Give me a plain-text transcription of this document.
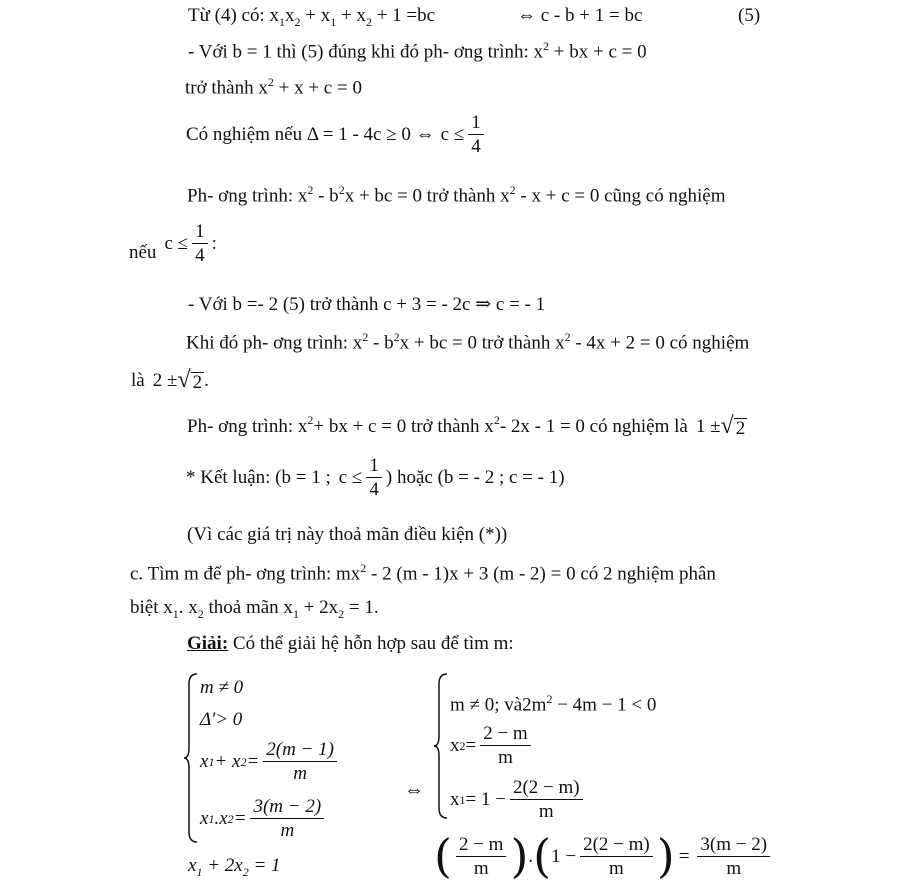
Từ (4) có: $x_1x_2 + x_1 + x_2 + 1 =bc$	⇔ c - b + 1 = bc	(5)
- Với b = 1 thì (5) đúng khi đó ph- ơng trình: $x^2$ + bx + c = 0
trở thành $x^2 + x + c = 0$
Có nghiệm nếu Δ = 1 - 4c ≥ 0 ⇔ $c \le \frac{1}{4}$
Ph- ơng trình: $x^2 - b^2x$ + bc = 0 trở thành $x^2 - x + c = 0$ cũng có nghiệm
nếu $c \le \frac{1}{4}$ :
- Với b =- 2 (5) trở thành c + 3 = - 2c ⇒ c = - 1
Khi đó ph- ơng trình: $x^2 - b^2x$ + bc = 0 trở thành $x^2 - 4x + 2 = 0$ có nghiệm
là 2 ± √ 2 .
Ph- ơng trình: x 2 + bx + c = 0 trở thành x 2 - 2x - 1 = 0 có nghiệm là 1 ± √ 2
* Kết luận: (b = 1 ; $c \le \frac{1}{4}$ ) hoặc (b = - 2 ; c = - 1)
(Vì các giá trị này thoả mãn điều kiện (*))
c. Tìm m để ph- ơng trình: $mx^2 - 2$ (m - 1)x + 3 (m - 2) = 0 có 2 nghiệm phân
biệt $x_1$. $x_2$ thoả mãn $x_1 + 2x_2 = 1$.
Giải: Có thể giải hệ hỗn hợp sau để tìm m:
m ≠ 0
Δ'> 0
x 1 + x $2 = \frac{2(m - 1)}{m}$
x 1 .x $2 = \frac{3(m - 2)}{m}$
$x_1 + 2x_2 = 1$
⇔
m ≠ 0; $và2m^2 - 4m - 1 < 0$
x $2 = \frac{2 - m}{m}$
x $1 = 1 - \frac{2(2 - m)}{m}$
( $\frac{2 - m}{m}$ ) . ( $1 - \frac{2(2 - m)}{m}$ ) = $\frac{3(m - 2)}{m}$
